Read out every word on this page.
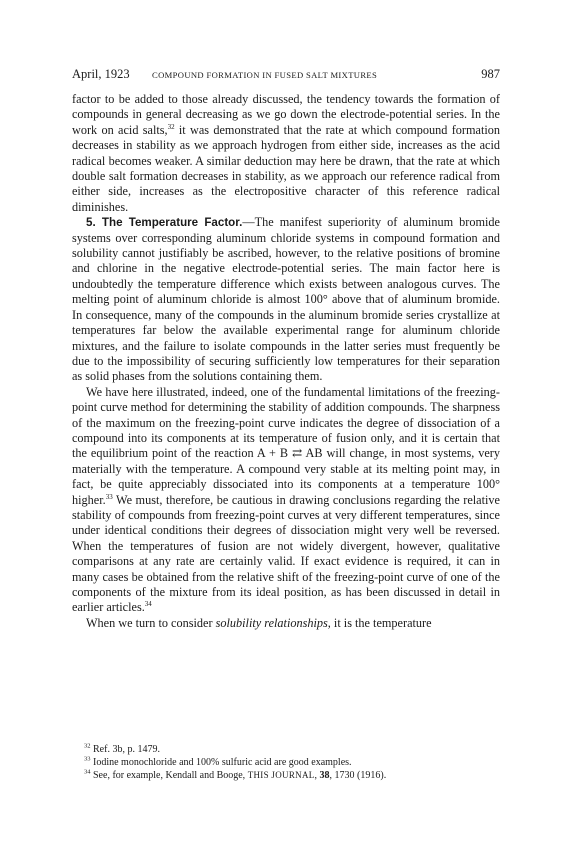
April, 1923	COMPOUND FORMATION IN FUSED SALT MIXTURES	987

factor to be added to those already discussed, the tendency towards the formation of compounds in general decreasing as we go down the electrode-potential series. In the work on acid salts,$^{32}$ it was demonstrated that the rate at which compound formation decreases in stability as we approach hydrogen from either side, increases as the acid radical becomes weaker. A similar deduction may here be drawn, that the rate at which double salt formation decreases in stability, as we approach our reference radical from either side, increases as the electropositive character of this reference radical diminishes.

5. The Temperature Factor.—The manifest superiority of aluminum bromide systems over corresponding aluminum chloride systems in compound formation and solubility cannot justifiably be ascribed, however, to the relative positions of bromine and chlorine in the negative electrode-potential series. The main factor here is undoubtedly the temperature difference which exists between analogous curves. The melting point of aluminum chloride is almost 100° above that of aluminum bromide. In consequence, many of the compounds in the aluminum bromide series crystallize at temperatures far below the available experimental range for aluminum chloride mixtures, and the failure to isolate compounds in the latter series must frequently be due to the impossibility of securing sufficiently low temperatures for their separation as solid phases from the solutions containing them.

We have here illustrated, indeed, one of the fundamental limitations of the freezing-point curve method for determining the stability of addition compounds. The sharpness of the maximum on the freezing-point curve indicates the degree of dissociation of a compound into its components at its temperature of fusion only, and it is certain that the equilibrium point of the reaction A + B ⇄ AB will change, in most systems, very materially with the temperature. A compound very stable at its melting point may, in fact, be quite appreciably dissociated into its components at a temperature 100° higher.$^{33}$ We must, therefore, be cautious in drawing conclusions regarding the relative stability of compounds from freezing-point curves at very different temperatures, since under identical conditions their degrees of dissociation might very well be reversed. When the temperatures of fusion are not widely divergent, however, qualitative comparisons at any rate are certainly valid. If exact evidence is required, it can in many cases be obtained from the relative shift of the freezing-point curve of one of the components of the mixture from its ideal position, as has been discussed in detail in earlier articles.$^{34}$

When we turn to consider solubility relationships, it is the temperature

$^{32}$ Ref. 3b, p. 1479.

$^{33}$ Iodine monochloride and 100% sulfuric acid are good examples.

$^{34}$ See, for example, Kendall and Booge, THIS JOURNAL, 38, 1730 (1916).
